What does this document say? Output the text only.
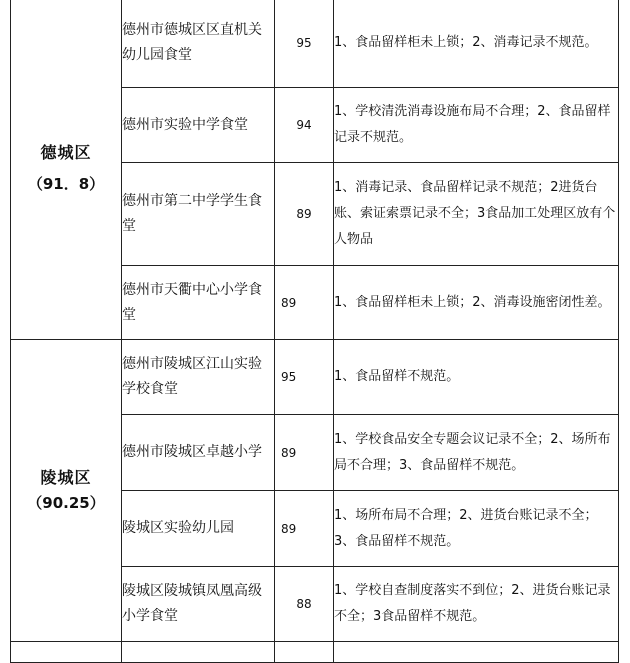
德城区
（91．8）	德州市德城区区直机关幼儿园食堂	95	1、食品留样柜未上锁；2、消毒记录不规范。
	德州市实验中学食堂	94	1、学校清洗消毒设施布局不合理；2、食品留样记录不规范。
	德州市第二中学学生食堂	89	1、消毒记录、食品留样记录不规范；2进货台账、索证索票记录不全；3食品加工处理区放有个人物品
	德州市天衢中心小学食堂	89	1、食品留样柜未上锁；2、消毒设施密闭性差。

陵城区
（90.25）	德州市陵城区江山实验学校食堂	95	1、食品留样不规范。
	德州市陵城区卓越小学	89	1、学校食品安全专题会议记录不全；2、场所布局不合理；3、食品留样不规范。
	陵城区实验幼儿园	89	1、场所布局不合理；2、进货台账记录不全；3、食品留样不规范。
	陵城区陵城镇凤凰高级小学食堂	88	1、学校自查制度落实不到位；2、进货台账记录不全；3食品留样不规范。
